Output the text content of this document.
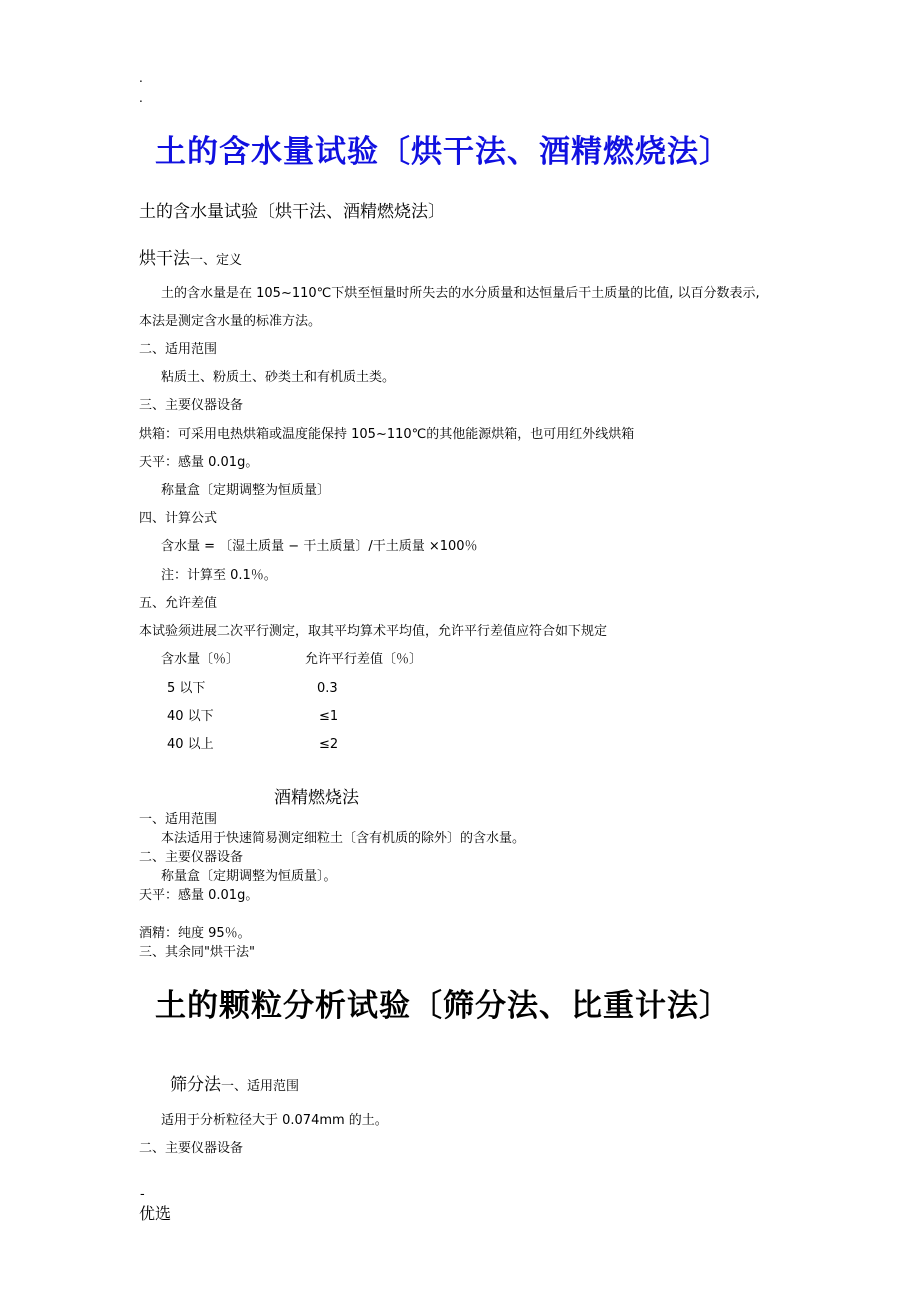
.
.
土的含水量试验〔烘干法、酒精燃烧法〕
土的含水量试验〔烘干法、酒精燃烧法〕
烘干法一、定义
土的含水量是在 105~110℃下烘至恒量时所失去的水分质量和达恒量后干土质量的比值, 以百分数表示,
本法是测定含水量的标准方法。
二、适用范围
粘质土、粉质土、砂类土和有机质土类。
三、主要仪器设备
烘箱：可采用电热烘箱或温度能保持 105~110℃的其他能源烘箱，也可用红外线烘箱
天平：感量 0.01g。
称量盒〔定期调整为恒质量〕
四、计算公式
含水量 = 〔湿土质量 − 干土质量〕/干土质量 ×100％
注：计算至 0.1％。
五、允许差值
本试验须进展二次平行测定，取其平均算术平均值，允许平行差值应符合如下规定
含水量〔％〕	允许平行差值〔％〕
5 以下	0.3
40 以下	≤1
40 以上	≤2
酒精燃烧法
一、适用范围
本法适用于快速简易测定细粒土〔含有机质的除外〕的含水量。
二、主要仪器设备
称量盒〔定期调整为恒质量〕。
天平：感量 0.01g。
酒精：纯度 95％。
三、其余同"烘干法"
土的颗粒分析试验〔筛分法、比重计法〕
筛分法一、适用范围
适用于分析粒径大于 0.074mm 的土。
二、主要仪器设备
-
优选
